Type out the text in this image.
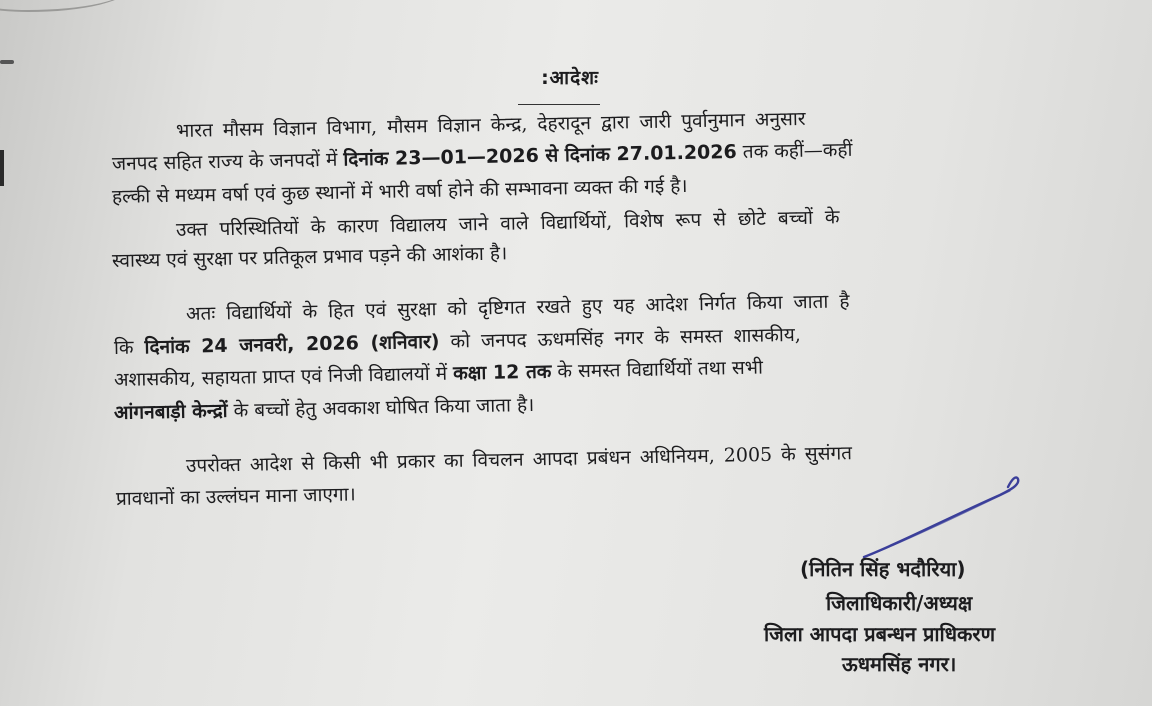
:आदेशः
भारत मौसम विज्ञान विभाग, मौसम विज्ञान केन्द्र, देहरादून द्वारा जारी पुर्वानुमान अनुसार
जनपद सहित राज्य के जनपदों में दिनांक 23—01—2026 से दिनांक 27.01.2026 तक कहीं—कहीं
हल्की से मध्यम वर्षा एवं कुछ स्थानों में भारी वर्षा होने की सम्भावना व्यक्त की गई है।
उक्त परिस्थितियों के कारण विद्यालय जाने वाले विद्यार्थियों, विशेष रूप से छोटे बच्चों के
स्वास्थ्य एवं सुरक्षा पर प्रतिकूल प्रभाव पड़ने की आशंका है।
अतः विद्यार्थियों के हित एवं सुरक्षा को दृष्टिगत रखते हुए यह आदेश निर्गत किया जाता है
कि दिनांक 24 जनवरी, 2026 (शनिवार) को जनपद ऊधमसिंह नगर के समस्त शासकीय,
अशासकीय, सहायता प्राप्त एवं निजी विद्यालयों में कक्षा 12 तक के समस्त विद्यार्थियों तथा सभी
आंगनबाड़ी केन्द्रों के बच्चों हेतु अवकाश घोषित किया जाता है।
उपरोक्त आदेश से किसी भी प्रकार का विचलन आपदा प्रबंधन अधिनियम, 2005 के सुसंगत
प्रावधानों का उल्लंघन माना जाएगा।
(नितिन सिंह भदौरिया)
जिलाधिकारी/अध्यक्ष
जिला आपदा प्रबन्धन प्राधिकरण
ऊधमसिंह नगर।
